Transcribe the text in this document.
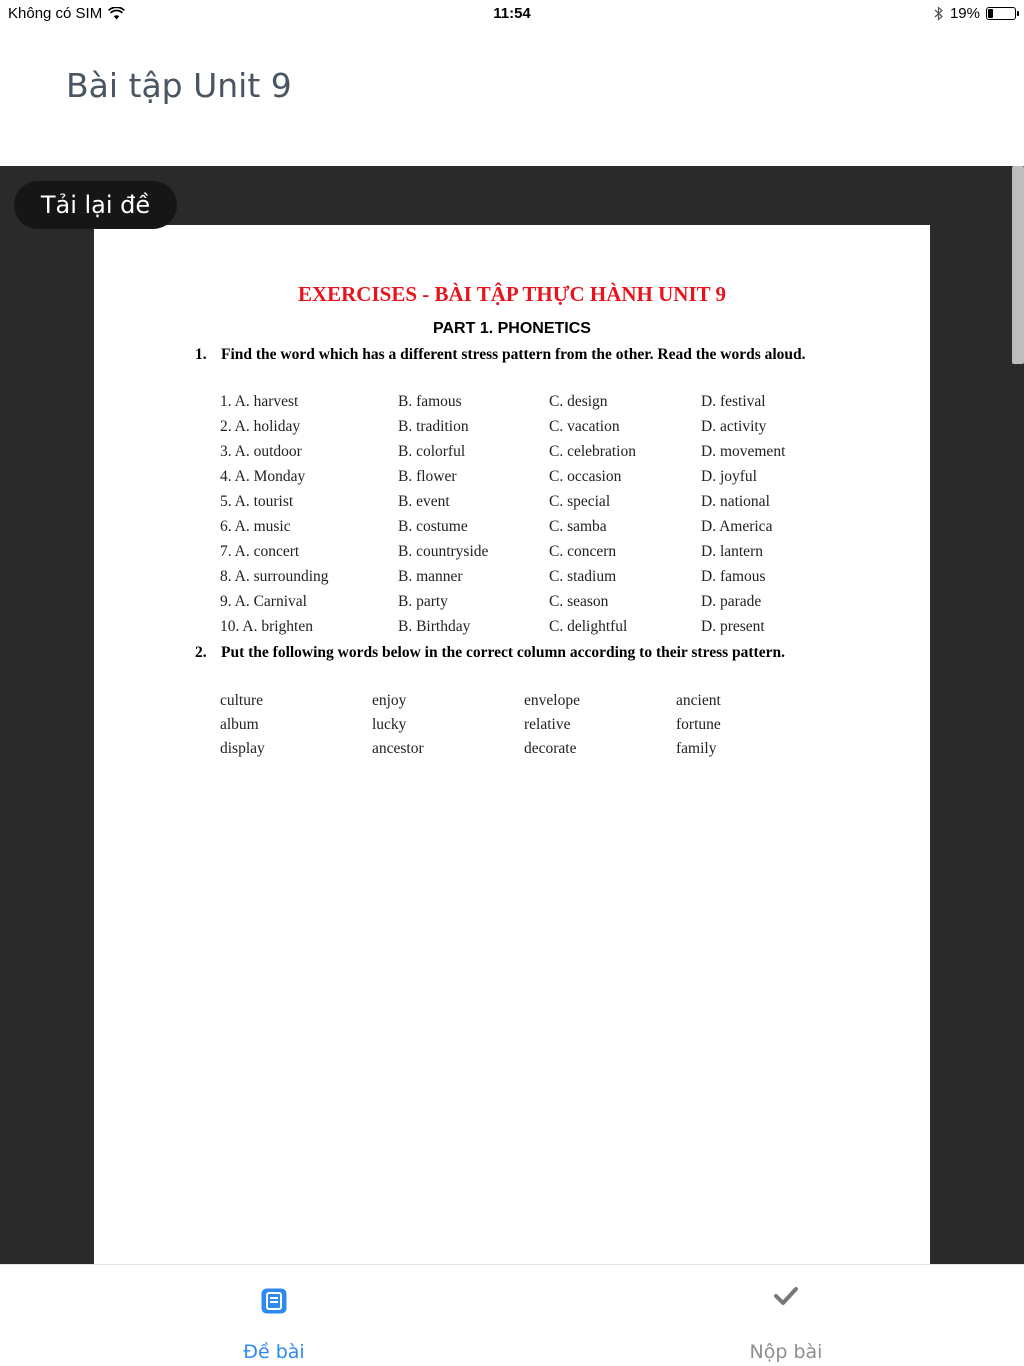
Không có SIM	11:54	19%
Bài tập Unit 9
Tải lại đề
EXERCISES - BÀI TẬP THỰC HÀNH UNIT 9
PART 1. PHONETICS
1. Find the word which has a different stress pattern from the other. Read the words aloud.
1. A. harvest	B. famous	C. design	D. festival
2. A. holiday	B. tradition	C. vacation	D. activity
3. A. outdoor	B. colorful	C. celebration	D. movement
4. A. Monday	B. flower	C. occasion	D. joyful
5. A. tourist	B. event	C. special	D. national
6. A. music	B. costume	C. samba	D. America
7. A. concert	B. countryside	C. concern	D. lantern
8. A. surrounding	B. manner	C. stadium	D. famous
9. A. Carnival	B. party	C. season	D. parade
10. A. brighten	B. Birthday	C. delightful	D. present
2. Put the following words below in the correct column according to their stress pattern.
culture	enjoy	envelope	ancient
album	lucky	relative	fortune
display	ancestor	decorate	family
Đề bài	Nộp bài
